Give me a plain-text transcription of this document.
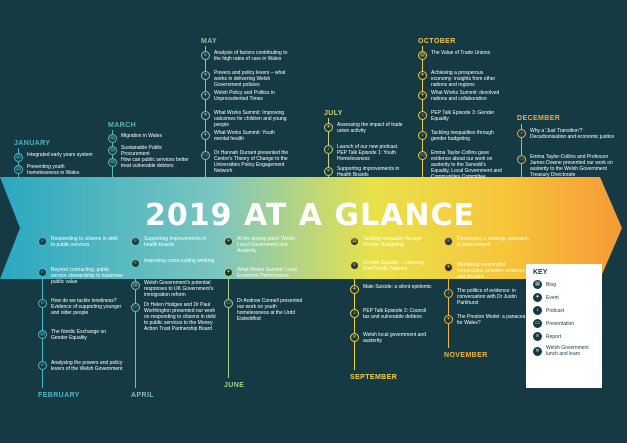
2019 AT A GLANCE
JANUARY
▤	Integrated early years system
▤	Preventing youth homelessness in Wales
MARCH
▤	Migration in Wales
▤	Sustainable Public Procurement
▤	How can public services better treat vulnerable debtors
MAY
≡	Analysis of factors contributing to the high rates of care in Wales
✦	Powers and policy levers – what works in delivering Welsh Government policies
✦	Welsh Policy and Politics in Unprecedented Times
✦	What Works Summit: Improving outcomes for children and young people
✦	What Works Summit: Youth mental health
▭	Dr Hannah Durrant presented the Centre's Theory of Change to the Universities Policy Engagement Network
JULY
✦	Assessing the impact of trade union activity
♪	Launch of our new podcast. PEP Talk Episode 1: Youth Homelessness
✕	Supporting improvements in Health Boards
OCTOBER
▤	The Value of Trade Unions
✦	Achieving a prosperous economy: insights from other nations and regions
✦	What Works Summit: devolved nations and collaboration
♪	PEP Talk Episode 3: Gender Equality
♪	Tackling inequalities through gender budgeting
▭	Emma Taylor-Collins gave evidence about our work on austerity to the Senedd's Equality, Local Government and Communities Committee
DECEMBER
♪	Why a 'Just Transition'? Decarbonisation and economic justice
▭	Emma Taylor-Collins and Professor James Downe presented our work on austerity to the Welsh Government Treasury Directorate
FEBRUARY
≡	Responding to citizens in debt to public services
≡	Beyond contracting: public service stewardship to maximise public value
≡	How do we tackle loneliness? Evidence of supporting younger and older people
▤	The Nordic Exchange on Gender Equality
≡	Analysing the powers and policy levers of the Welsh Government
APRIL
≡	Supporting improvements in health boards
≡	Improving cross-cutting working
▤	Welsh Government's potential responses to UK Government's immigration reform
▭	Dr Helen Hodges and Dr Paul Worthington presented our work on responding to citizens in debt to public services to the Money Action Trust Partnership Board
JUNE
✦	At the tipping point: Welsh Local Government and Austerity
✦	What Works Summit: Local Economic Performance
▭	Dr Andrew Connell presented our work on youth homelessness at the Urdd Eisteddfod
SEPTEMBER
▤	Tackling inequality through Gender Budgeting
≡	Gender Equality – Learning from Nordic Nations
✦	Male Suicide: a silent epidemic
♪	PEP Talk Episode 2: Council tax and vulnerable debtors
✕	Welsh local government and austerity
NOVEMBER
≡	Developing a strategic approach to procurement
✦	Mobilising meaningful connections between evidence and practice
♪	The politics of evidence: in conversation with Dr Justin Parkhurst
✦	The Preston Model: a panacea for Wales?
KEY
▤	Blog
✦	Event
♪	Podcast
▭	Presentation
≡	Report
✕	Welsh Government lunch and learn
